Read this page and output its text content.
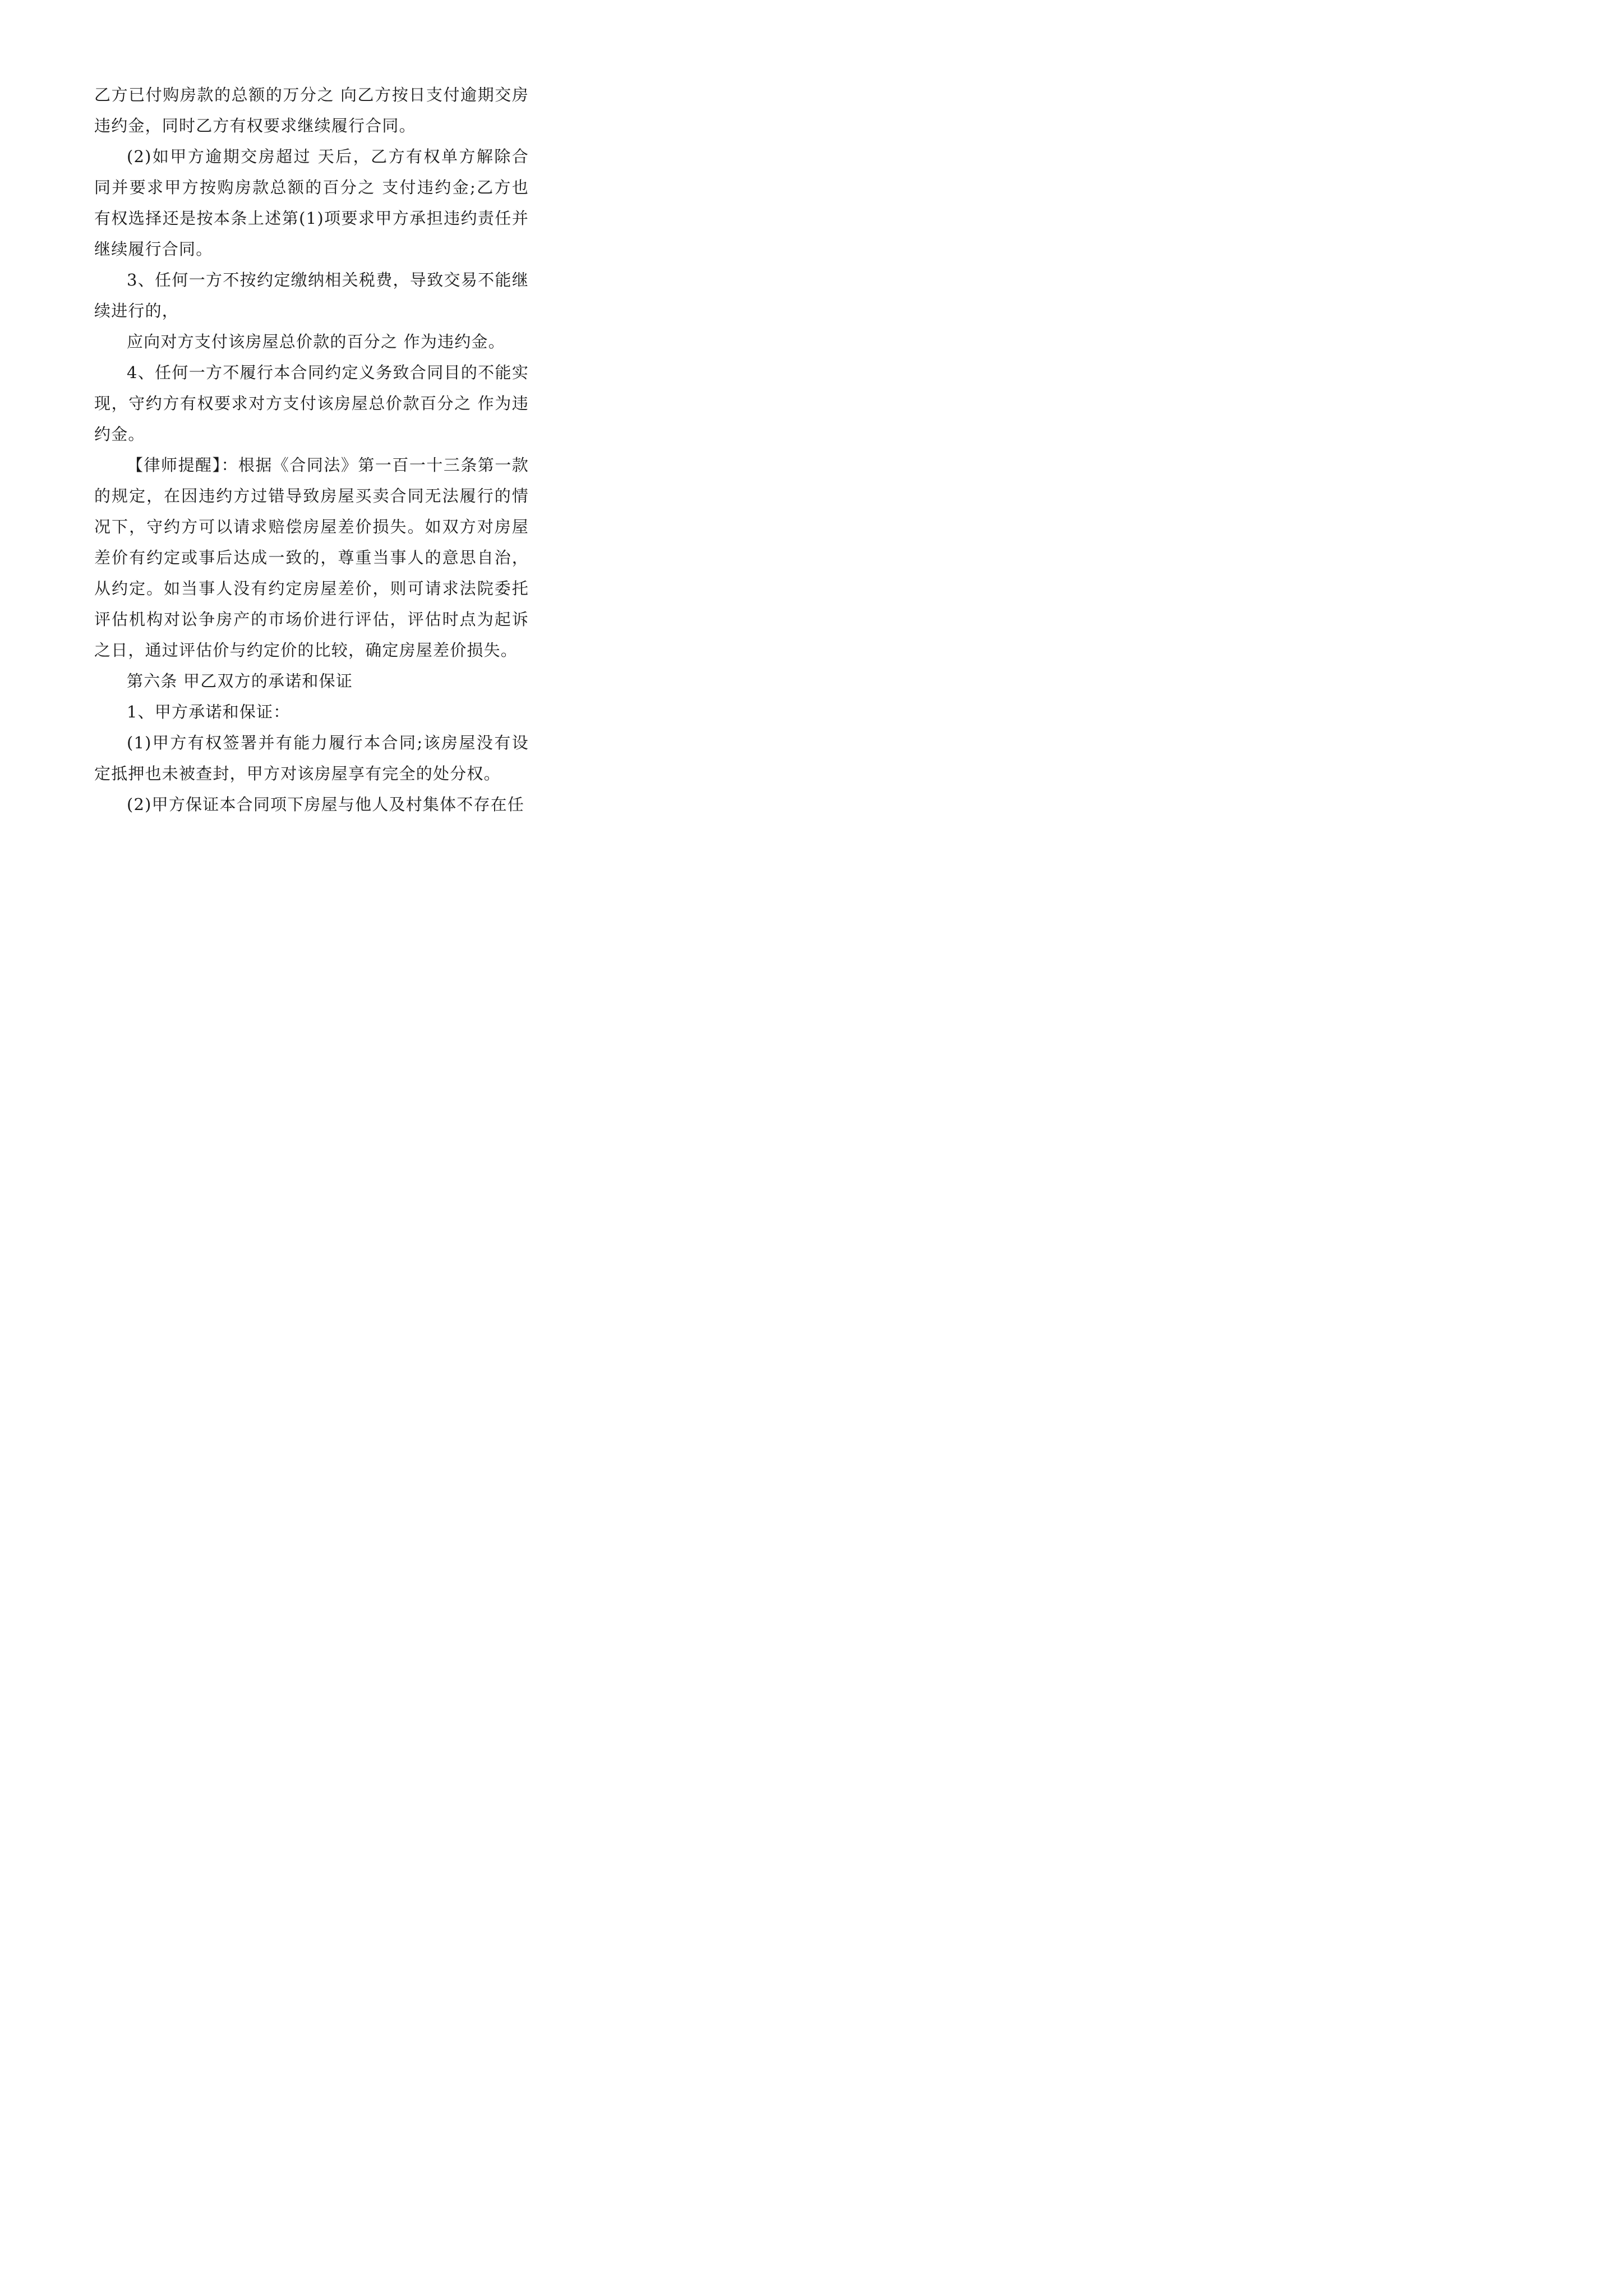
乙方已付购房款的总额的万分之 向乙方按日支付逾期交房违约金，同时乙方有权要求继续履行合同。

(2)如甲方逾期交房超过 天后，乙方有权单方解除合同并要求甲方按购房款总额的百分之 支付违约金;乙方也有权选择还是按本条上述第(1)项要求甲方承担违约责任并继续履行合同。

3、任何一方不按约定缴纳相关税费，导致交易不能继续进行的，

应向对方支付该房屋总价款的百分之 作为违约金。

4、任何一方不履行本合同约定义务致合同目的不能实现，守约方有权要求对方支付该房屋总价款百分之 作为违约金。

【律师提醒】：根据《合同法》第一百一十三条第一款的规定，在因违约方过错导致房屋买卖合同无法履行的情况下，守约方可以请求赔偿房屋差价损失。如双方对房屋差价有约定或事后达成一致的，尊重当事人的意思自治，从约定。如当事人没有约定房屋差价，则可请求法院委托评估机构对讼争房产的市场价进行评估，评估时点为起诉之日，通过评估价与约定价的比较，确定房屋差价损失。

第六条 甲乙双方的承诺和保证

1、甲方承诺和保证：

(1)甲方有权签署并有能力履行本合同;该房屋没有设定抵押也未被查封，甲方对该房屋享有完全的处分权。

(2)甲方保证本合同项下房屋与他人及村集体不存在任
